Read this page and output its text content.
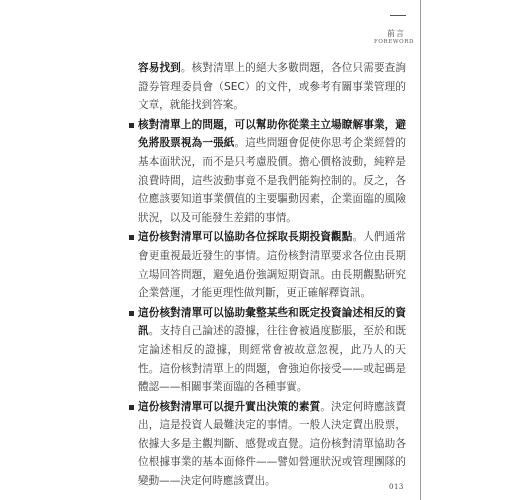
前言
FOREWORD

容易找到。核對清單上的絕大多數問題，各位只需要查詢證券管理委員會（SEC）的文件，或參考有關事業管理的文章，就能找到答案。

核對清單上的問題，可以幫助你從業主立場瞭解事業，避免將股票視為一張紙。這些問題會促使你思考企業經營的基本面狀況，而不是只考慮股價。擔心價格波動，純粹是浪費時間，這些波動事竟不是我們能夠控制的。反之，各位應該要知道事業價值的主要驅動因素，企業面臨的風險狀況，以及可能發生差錯的事情。
這份核對清單可以協助各位採取長期投資觀點。人們通常會更重視最近發生的事情。這份核對清單要求各位由長期立場回答問題，避免過份強調短期資訊。由長期觀點研究企業營運，才能更理性做判斷，更正確解釋資訊。
這份核對清單可以協助彙整某些和既定投資論述相反的資訊。支持自己論述的證據，往往會被過度膨脹，至於和既定論述相反的證據，則經常會被故意忽視，此乃人的天性。這份核對清單上的問題，會強迫你接受——或起碼是體認——相關事業面臨的各種事實。
這份核對清單可以提升實出決策的素質。決定何時應該賣出，這是投資人最難決定的事情。一般人決定賣出股票，依據大多是主觀判斷、感覺或直覺。這份核對清單協助各位根據事業的基本面條件——譬如營運狀況或管理團隊的變動——決定何時應該賣出。	013
